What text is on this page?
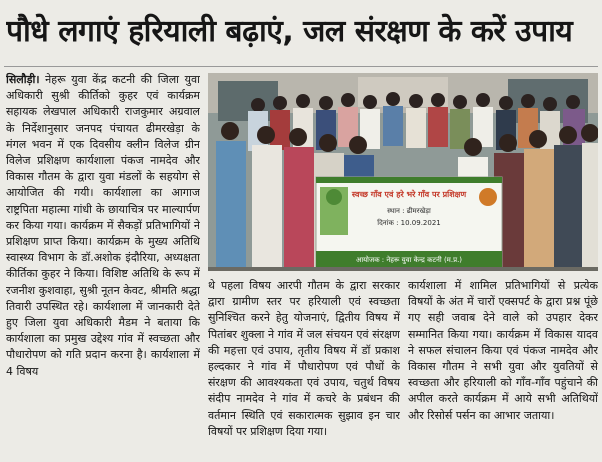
पौधे लगाएं हरियाली बढ़ाएं, जल संरक्षण के करें उपाय

सिलौड़ी। नेहरू युवा केंद्र कटनी की जिला युवा अधिकारी सुश्री कीर्तिको कुहर एवं कार्यक्रम सहायक लेखपाल अधिकारी राजकुमार अग्रवाल के निर्देशानुसार जनपद पंचायत ढीमरखेड़ा के मंगल भवन में एक दिवसीय क्लीन विलेज ग्रीन विलेज प्रशिक्षण कार्यशाला पंकज नामदेव और विकास गौतम के द्वारा युवा मंडलों के सहयोग से आयोजित की गयी। कार्यशाला का आगाज राष्ट्रपिता महात्मा गांधी के छायाचित्र पर माल्यार्पण कर किया गया। कार्यक्रम में सैकड़ों प्रतिभागियों ने प्रशिक्षण प्राप्त किया। कार्यक्रम के मुख्य अतिथि स्वास्थ्य विभाग के डॉ.अशोक इंदौरिया, अध्यक्षता कीर्तिका कुहर ने किया। विशिष्ट अतिथि के रूप में रजनीश कुशवाहा, सुश्री नूतन केवट, श्रीमति श्रद्धा तिवारी उपस्थित रहे। कार्यशाला में जानकारी देते हुए जिला युवा अधिकारी मैडम ने बताया कि कार्यशाला का प्रमुख उद्देश्य गांव में स्वच्छता और पौधारोपण को गति प्रदान करना है। कार्यशाला में 4 विषय

स्वच्छ गाँव एवं हरे भरे गाँव पर प्रशिक्षण
स्थान : ढीमरखेड़ा
दिनांक : 10.09.2021
आयोजक : नेहरू युवा केन्द्र कटनी (म.प्र.)

थे पहला विषय आरपी गौतम के द्वारा सरकार द्वारा ग्रामीण स्तर पर हरियाली एवं स्वच्छता सुनिश्चित करने हेतु योजनाएं, द्वितीय विषय में पितांबर शुक्ला ने गांव में जल संचयन एवं संरक्षण की महत्ता एवं उपाय, तृतीय विषय में डॉ प्रकाश हल्दकार ने गांव में पौधारोपण एवं पौधों के संरक्षण की आवश्यकता एवं उपाय, चतुर्थ विषय संदीप नामदेव ने गांव में कचरे के प्रबंधन की वर्तमान स्थिति एवं सकारात्मक सुझाव इन चार विषयों पर प्रशिक्षण दिया गया।

कार्यशाला में शामिल प्रतिभागियों से प्रत्येक विषयों के अंत में चारों एक्सपर्ट के द्वारा प्रश्न पूंछे गए सही जवाब देने वाले को उपहार देकर सम्मानित किया गया। कार्यक्रम में विकास यादव ने सफल संचालन किया एवं पंकज नामदेव और विकास गौतम ने सभी युवा और युवतियों से स्वच्छता और हरियाली को गाँव-गाँव पहुंचाने की अपील करते कार्यक्रम में आये सभी अतिथियों और रिसोर्स पर्सन का आभार जताया।
